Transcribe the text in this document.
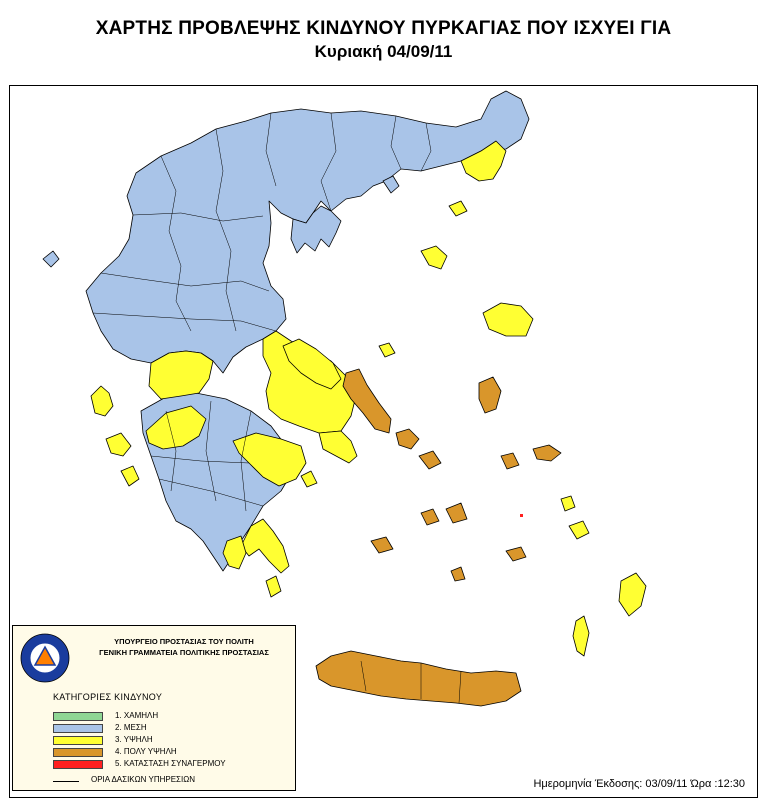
ΧΑΡΤΗΣ ΠΡΟΒΛΕΨΗΣ ΚΙΝΔΥΝΟΥ ΠΥΡΚΑΓΙΑΣ ΠΟΥ ΙΣΧΥΕΙ ΓΙΑ
Κυριακή 04/09/11
ΥΠΟΥΡΓΕΙΟ ΠΡΟΣΤΑΣΙΑΣ ΤΟΥ ΠΟΛΙΤΗ
ΓΕΝΙΚΗ ΓΡΑΜΜΑΤΕΙΑ ΠΟΛΙΤΙΚΗΣ ΠΡΟΣΤΑΣΙΑΣ
ΚΑΤΗΓΟΡΙΕΣ ΚΙΝΔΥΝΟΥ
1. ΧΑΜΗΛΗ
2. ΜΕΣΗ
3. ΥΨΗΛΗ
4. ΠΟΛΥ ΥΨΗΛΗ
5. ΚΑΤΑΣΤΑΣΗ ΣΥΝΑΓΕΡΜΟΥ
ΟΡΙΑ ΔΑΣΙΚΩΝ ΥΠΗΡΕΣΙΩΝ	Ημερομηνία Έκδοσης: 03/09/11 Ώρα :12:30
